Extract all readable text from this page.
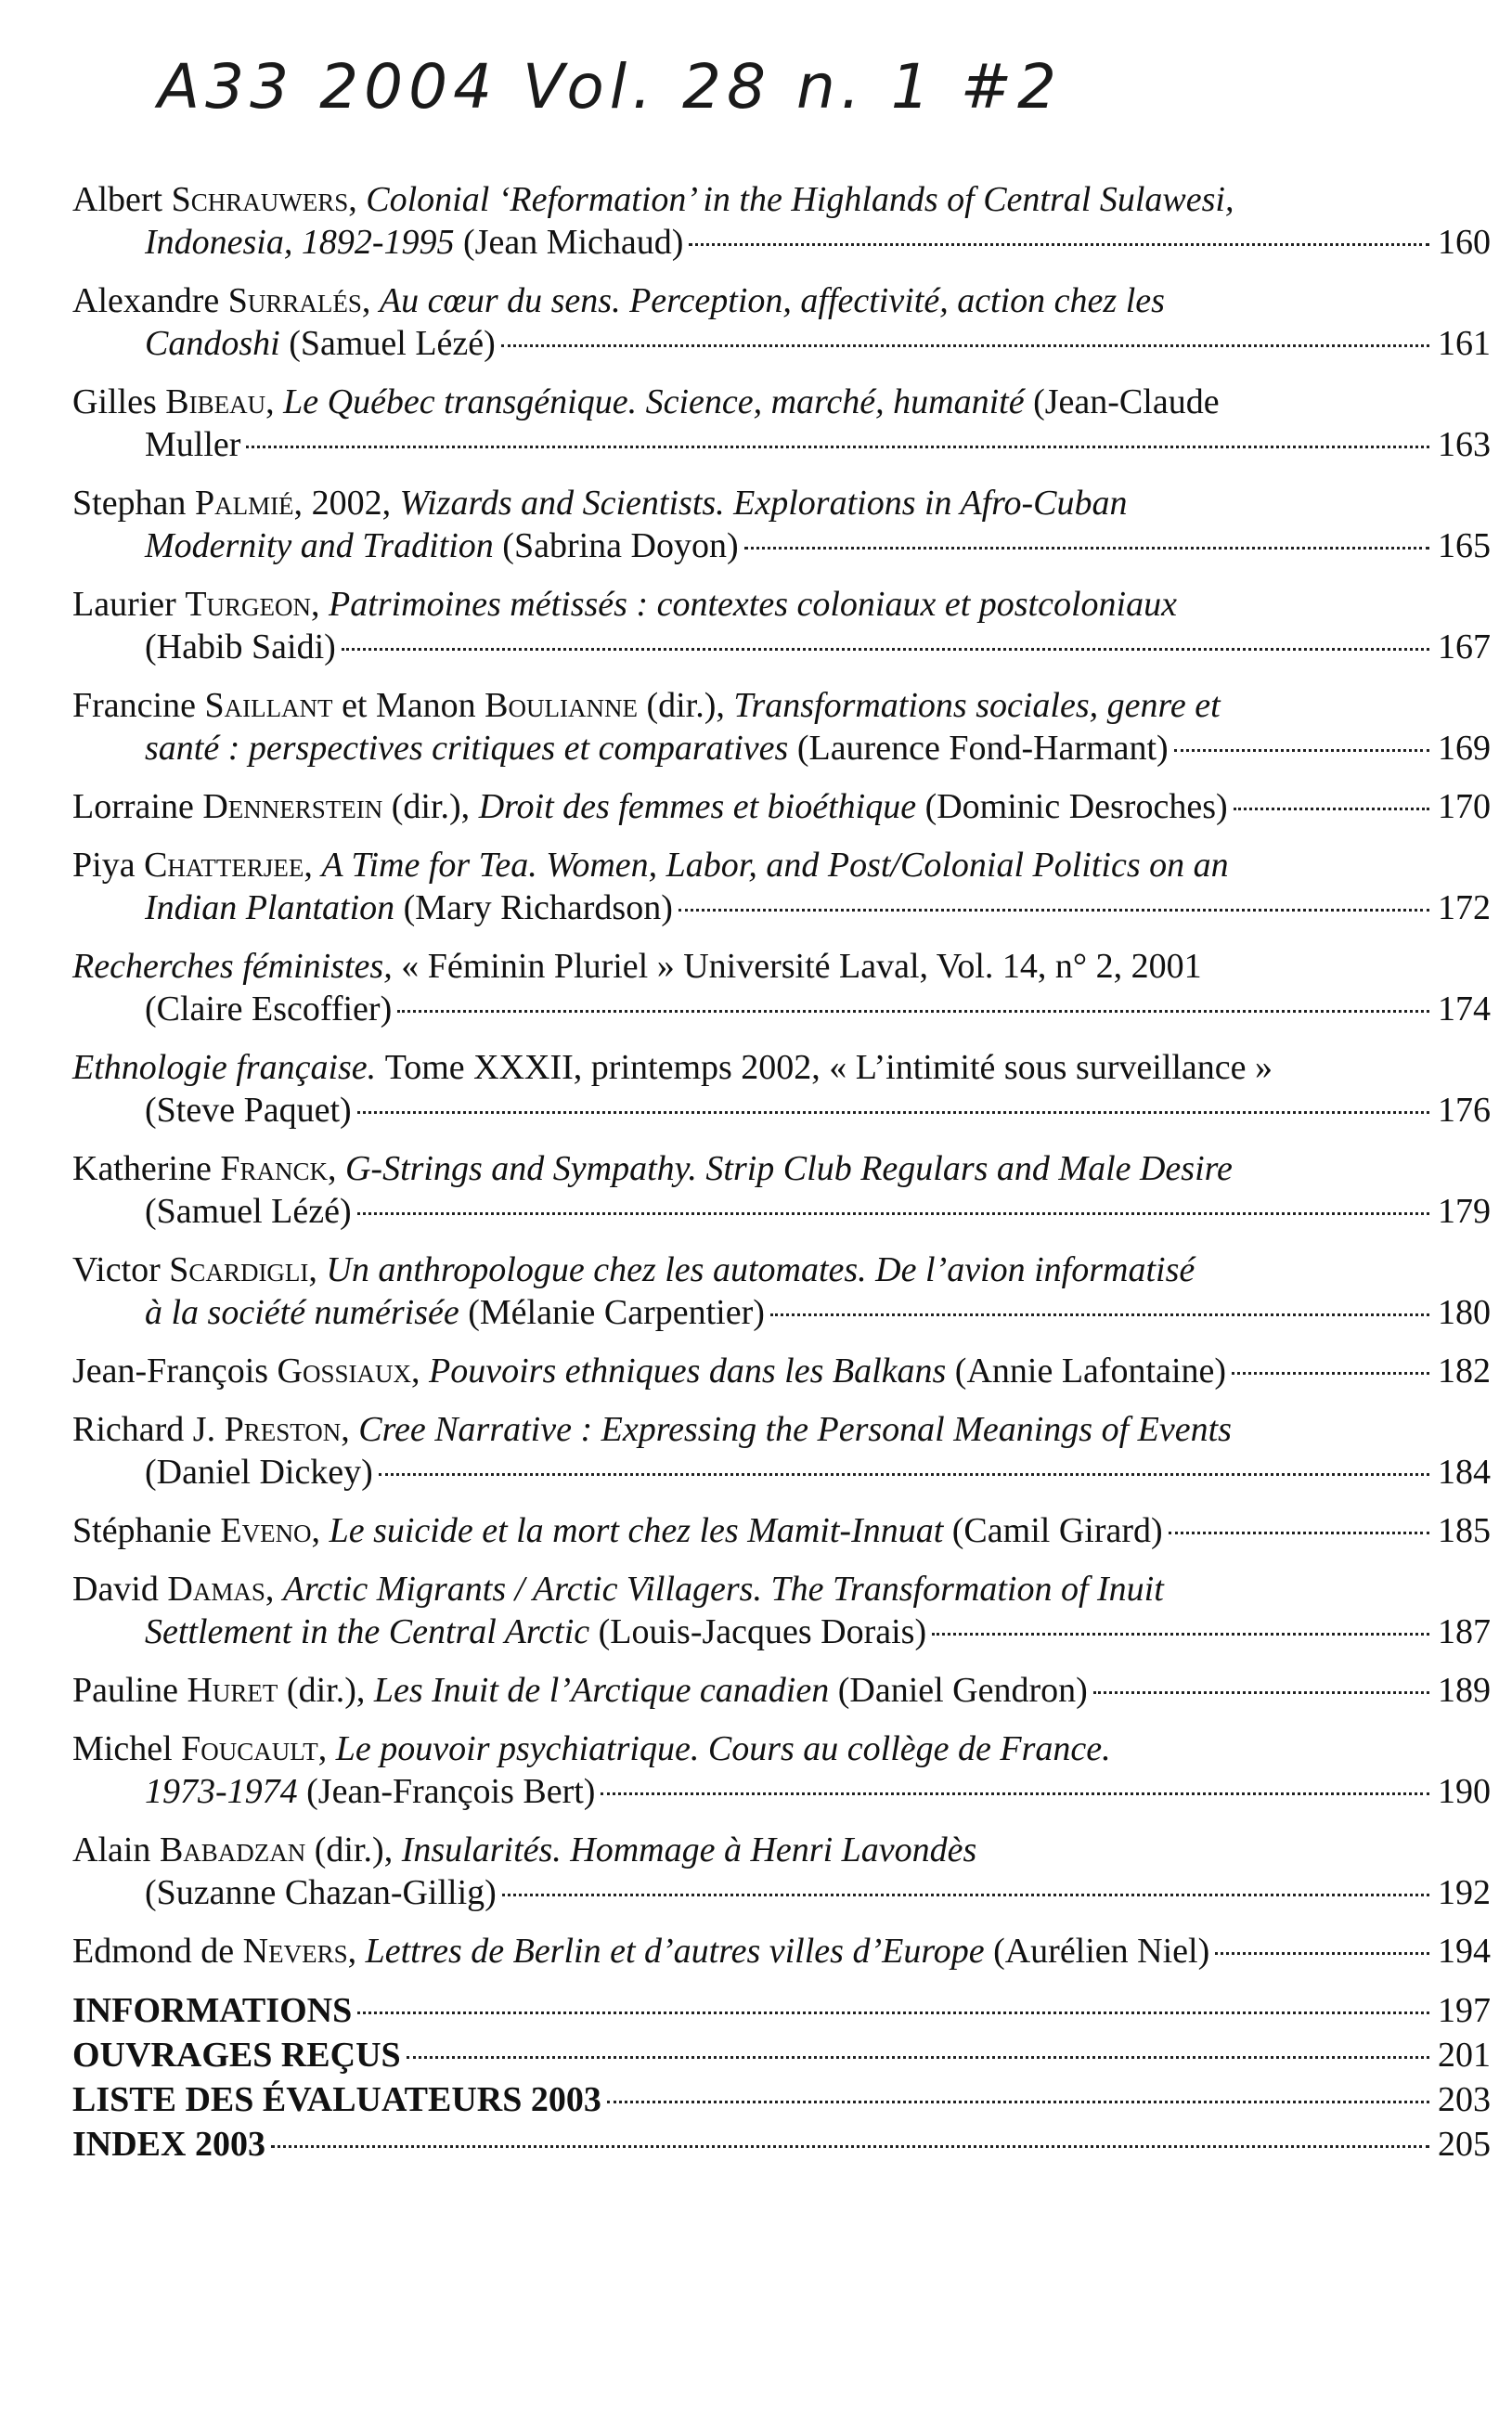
A33 2004 Vol. 28 n. 1 #2
Albert
Schrauwers,
Colonial ‘Reformation’ in the Highlands of Central Sulawesi,
Indonesia, 1892-1995
(Jean Michaud)	160
Alexandre
Surralés,
Au cœur du sens. Perception, affectivité, action chez les
Candoshi
(Samuel Lézé)	161
Gilles
Bibeau,
Le Québec transgénique. Science, marché, humanité
(Jean-Claude
Muller	163
Stephan
Palmié,
2002,
Wizards and Scientists. Explorations in Afro-Cuban
Modernity and Tradition
(Sabrina Doyon)	165
Laurier
Turgeon,
Patrimoines métissés : contextes coloniaux et postcoloniaux
(Habib Saidi)	167
Francine
Saillant
et Manon
Boulianne
(dir.),
Transformations sociales, genre et
santé : perspectives critiques et comparatives
(Laurence Fond-Harmant)	169
Lorraine
Dennerstein
(dir.),
Droit des femmes et bioéthique
(Dominic Desroches)	170
Piya
Chatterjee,
A Time for Tea. Women, Labor, and Post/Colonial Politics on an
Indian Plantation
(Mary Richardson)	172
Recherches féministes,
« Féminin Pluriel » Université Laval, Vol. 14, n° 2, 2001
(Claire Escoffier)	174
Ethnologie française.
Tome XXXII, printemps 2002, « L’intimité sous surveillance »
(Steve Paquet)	176
Katherine
Franck,
G-Strings and Sympathy. Strip Club Regulars and Male Desire
(Samuel Lézé)	179
Victor
Scardigli,
Un anthropologue chez les automates. De l’avion informatisé
à la société numérisée
(Mélanie Carpentier)	180
Jean-François
Gossiaux,
Pouvoirs ethniques dans les Balkans
(Annie Lafontaine)	182
Richard J.
Preston,
Cree Narrative : Expressing the Personal Meanings of Events
(Daniel Dickey)	184
Stéphanie
Eveno,
Le suicide et la mort chez les Mamit-Innuat
(Camil Girard)	185
David
Damas,
Arctic Migrants / Arctic Villagers. The Transformation of Inuit
Settlement in the Central Arctic
(Louis-Jacques Dorais)	187
Pauline
Huret
(dir.),
Les Inuit de l’Arctique canadien
(Daniel Gendron)	189
Michel
Foucault,
Le pouvoir psychiatrique. Cours au collège de France.
1973-1974
(Jean-François Bert)	190
Alain
Babadzan
(dir.),
Insularités. Hommage à Henri Lavondès
(Suzanne Chazan-Gillig)	192
Edmond de
Nevers,
Lettres de Berlin et d’autres villes d’Europe
(Aurélien Niel)	194
INFORMATIONS	197
OUVRAGES REÇUS	201
LISTE DES ÉVALUATEURS 2003	203
INDEX 2003	205
